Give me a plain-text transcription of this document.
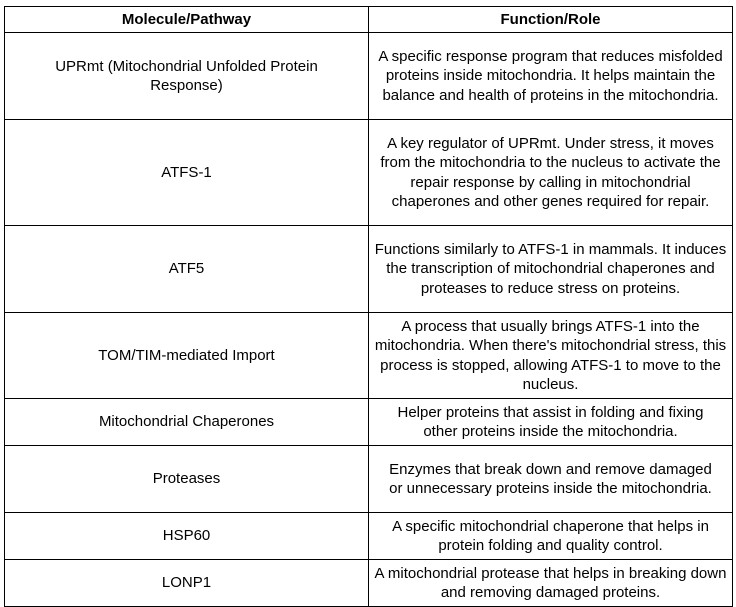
Molecule/Pathway	Function/Role
UPRmt (Mitochondrial Unfolded Protein Response)	A specific response program that reduces misfolded proteins inside mitochondria. It helps maintain the balance and health of proteins in the mitochondria.
ATFS-1	A key regulator of UPRmt. Under stress, it moves from the mitochondria to the nucleus to activate the repair response by calling in mitochondrial chaperones and other genes required for repair.
ATF5	Functions similarly to ATFS-1 in mammals. It induces the transcription of mitochondrial chaperones and proteases to reduce stress on proteins.
TOM/TIM-mediated Import	A process that usually brings ATFS-1 into the mitochondria. When there's mitochondrial stress, this process is stopped, allowing ATFS-1 to move to the nucleus.
Mitochondrial Chaperones	Helper proteins that assist in folding and fixing other proteins inside the mitochondria.
Proteases	Enzymes that break down and remove damaged or unnecessary proteins inside the mitochondria.
HSP60	A specific mitochondrial chaperone that helps in protein folding and quality control.
LONP1	A mitochondrial protease that helps in breaking down and removing damaged proteins.
